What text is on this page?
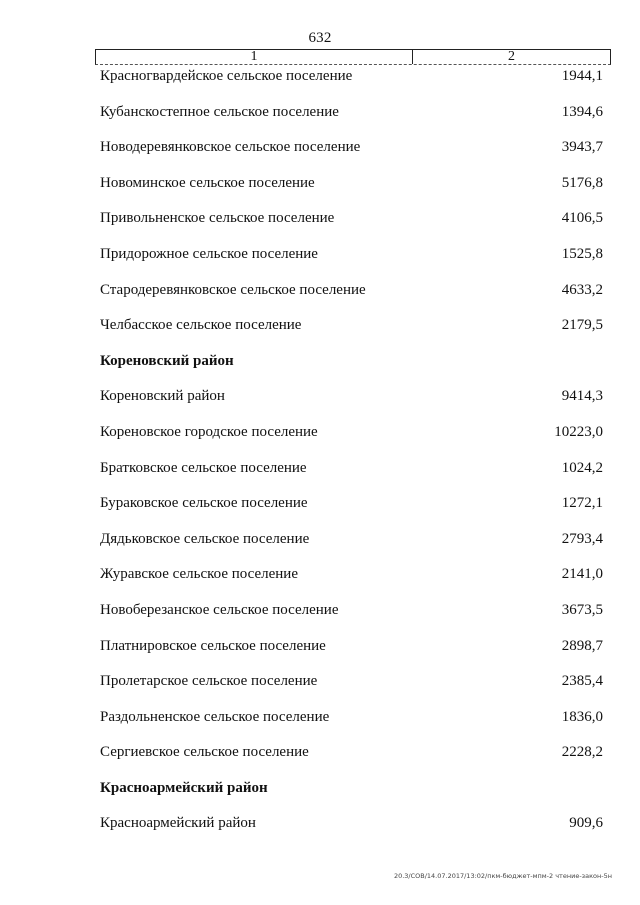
632
1	2
Красногвардейское сельское поселение	1944,1
Кубанскостепное сельское поселение	1394,6
Новодеревянковское сельское поселение	3943,7
Новоминское сельское поселение	5176,8
Привольненское сельское поселение	4106,5
Придорожное сельское поселение	1525,8
Стародеревянковское сельское поселение	4633,2
Челбасское сельское поселение	2179,5
Кореновский район
Кореновский район	9414,3
Кореновское городское поселение	10223,0
Братковское сельское поселение	1024,2
Бураковское сельское поселение	1272,1
Дядьковское сельское поселение	2793,4
Журавское сельское поселение	2141,0
Новоберезанское сельское поселение	3673,5
Платнировское сельское поселение	2898,7
Пролетарское сельское поселение	2385,4
Раздольненское сельское поселение	1836,0
Сергиевское сельское поселение	2228,2
Красноармейский район
Красноармейский район	909,6
20.3/СОВ/14.07.2017/13:02/пкм-бюджет-мпм-2 чтение-закон-5н
